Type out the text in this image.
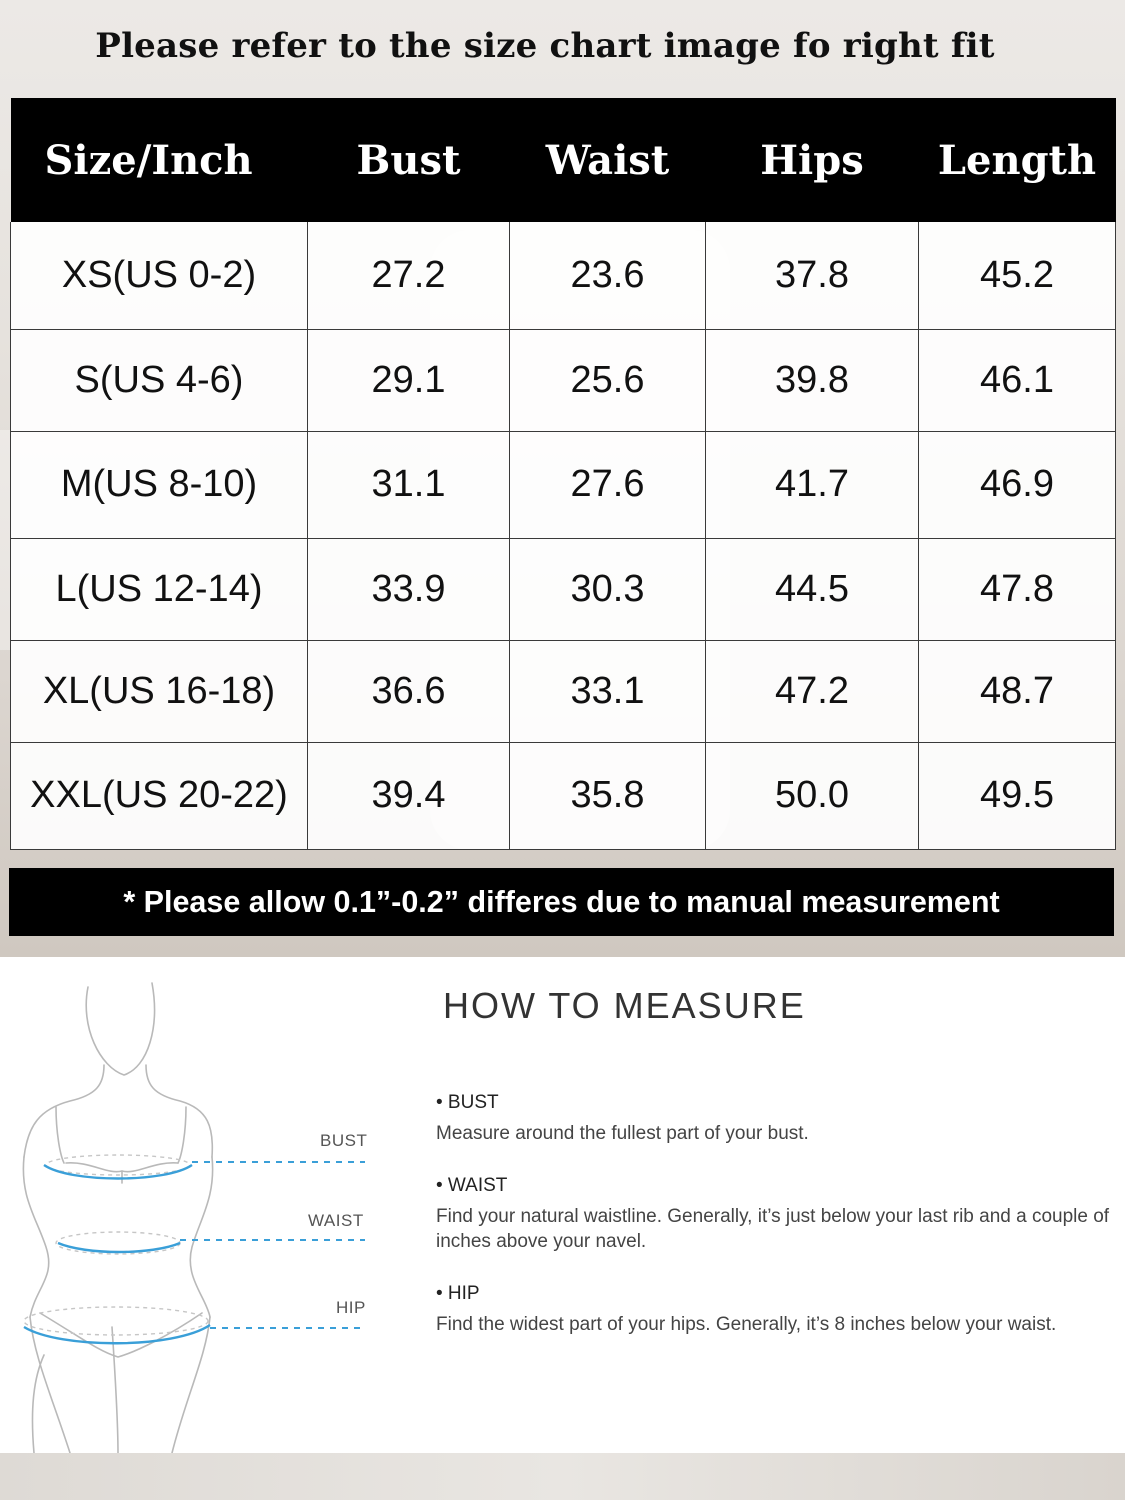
Please refer to the size chart image fo right fit
Size/Inch	Bust	Waist	Hips	Length
XS(US 0-2)	27.2	23.6	37.8	45.2
S(US 4-6)	29.1	25.6	39.8	46.1
M(US 8-10)	31.1	27.6	41.7	46.9
L(US 12-14)	33.9	30.3	44.5	47.8
XL(US 16-18)	36.6	33.1	47.2	48.7
XXL(US 20-22)	39.4	35.8	50.0	49.5
* Please allow 0.1”-0.2” differes due to manual measurement
BUST
WAIST
HIP
HOW TO MEASURE
• BUST
Measure around the fullest part of your bust.
• WAIST
Find your natural waistline. Generally, it’s just below your last rib and a couple of inches above your navel.
• HIP
Find the widest part of your hips. Generally, it’s 8 inches below your waist.
